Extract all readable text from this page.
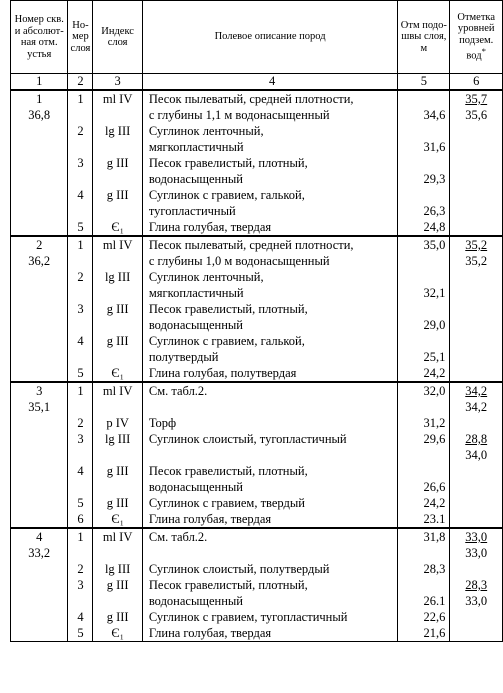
Номер скв. и абсолют-ная отм. устья	Но-мер слоя	Индекс слоя	Полевое описание пород	Отм подо-швы слоя, м	Отметка уровней подзем. вод*
1	2	3	4	5	6
1	1	ml IV	Песок пылеватый, средней плотности,		35,7
36,8			с глубины 1,1 м водонасыщенный	34,6	35,6
	2	lg III	Суглинок ленточный,		
			мягкопластичный	31,6	
	3	g III	Песок гравелистый, плотный,		
			водонасыщенный	29,3	
	4	g III	Суглинок с гравием, галькой,		
			тугопластичный	26,3	
	5	Є₁	Глина голубая, твердая	24,8	
2	1	ml IV	Песок пылеватый, средней плотности,	35,0	35,2
36,2			с глубины 1,0 м водонасыщенный		35,2
	2	lg III	Суглинок ленточный,		
			мягкопластичный	32,1	
	3	g III	Песок гравелистый, плотный,		
			водонасыщенный	29,0	
	4	g III	Суглинок с гравием, галькой,		
			полутвердый	25,1	
	5	Є₁	Глина голубая, полутвердая	24,2	
3	1	ml IV	См. табл.2.	32,0	34,2
35,1					34,2
	2	p IV	Торф	31,2	
	3	lg III	Суглинок слоистый, тугопластичный	29,6	28,8
					34,0
	4	g III	Песок гравелистый, плотный,		
			водонасыщенный	26,6	
	5	g III	Суглинок с гравием, твердый	24,2	
	6	Є₁	Глина голубая, твердая	23.1	
4	1	ml IV	См. табл.2.	31,8	33,0
33,2					33,0
	2	lg III	Суглинок слоистый, полутвердый	28,3	
	3	g III	Песок гравелистый, плотный,		28,3
			водонасыщенный	26.1	33,0
	4	g III	Суглинок с гравием, тугопластичный	22,6	
	5	Є₁	Глина голубая, твердая	21,6	
